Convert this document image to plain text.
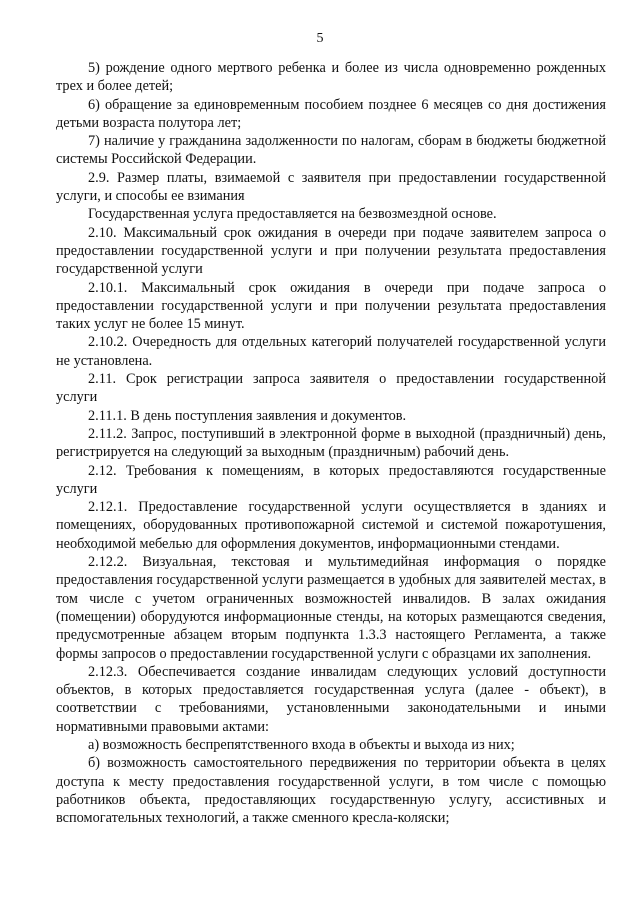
5

5) рождение одного мертвого ребенка и более из числа одновременно рожденных трех и более детей;

6) обращение за единовременным пособием позднее 6 месяцев со дня достижения детьми возраста полутора лет;

7) наличие у гражданина задолженности по налогам, сборам в бюджеты бюджетной системы Российской Федерации.

2.9. Размер платы, взимаемой с заявителя при предоставлении государственной услуги, и способы ее взимания

Государственная услуга предоставляется на безвозмездной основе.

2.10. Максимальный срок ожидания в очереди при подаче заявителем запроса о предоставлении государственной услуги и при получении результата предоставления государственной услуги

2.10.1. Максимальный срок ожидания в очереди при подаче запроса о предоставлении государственной услуги и при получении результата предоставления таких услуг не более 15 минут.

2.10.2. Очередность для отдельных категорий получателей государственной услуги не установлена.

2.11. Срок регистрации запроса заявителя о предоставлении государственной услуги

2.11.1. В день поступления заявления и документов.

2.11.2. Запрос, поступивший в электронной форме в выходной (праздничный) день, регистрируется на следующий за выходным (праздничным) рабочий день.

2.12. Требования к помещениям, в которых предоставляются государственные услуги

2.12.1. Предоставление государственной услуги осуществляется в зданиях и помещениях, оборудованных противопожарной системой и системой пожаротушения, необходимой мебелью для оформления документов, информационными стендами.

2.12.2. Визуальная, текстовая и мультимедийная информация о порядке предоставления государственной услуги размещается в удобных для заявителей местах, в том числе с учетом ограниченных возможностей инвалидов. В залах ожидания (помещении) оборудуются информационные стенды, на которых размещаются сведения, предусмотренные абзацем вторым подпункта 1.3.3 настоящего Регламента, а также формы запросов о предоставлении государственной услуги с образцами их заполнения.

2.12.3. Обеспечивается создание инвалидам следующих условий доступности объектов, в которых предоставляется государственная услуга (далее - объект), в соответствии с требованиями, установленными законодательными и иными нормативными правовыми актами:

а) возможность беспрепятственного входа в объекты и выхода из них;

б) возможность самостоятельного передвижения по территории объекта в целях доступа к месту предоставления государственной услуги, в том числе с помощью работников объекта, предоставляющих государственную услугу, ассистивных и вспомогательных технологий, а также сменного кресла-коляски;
